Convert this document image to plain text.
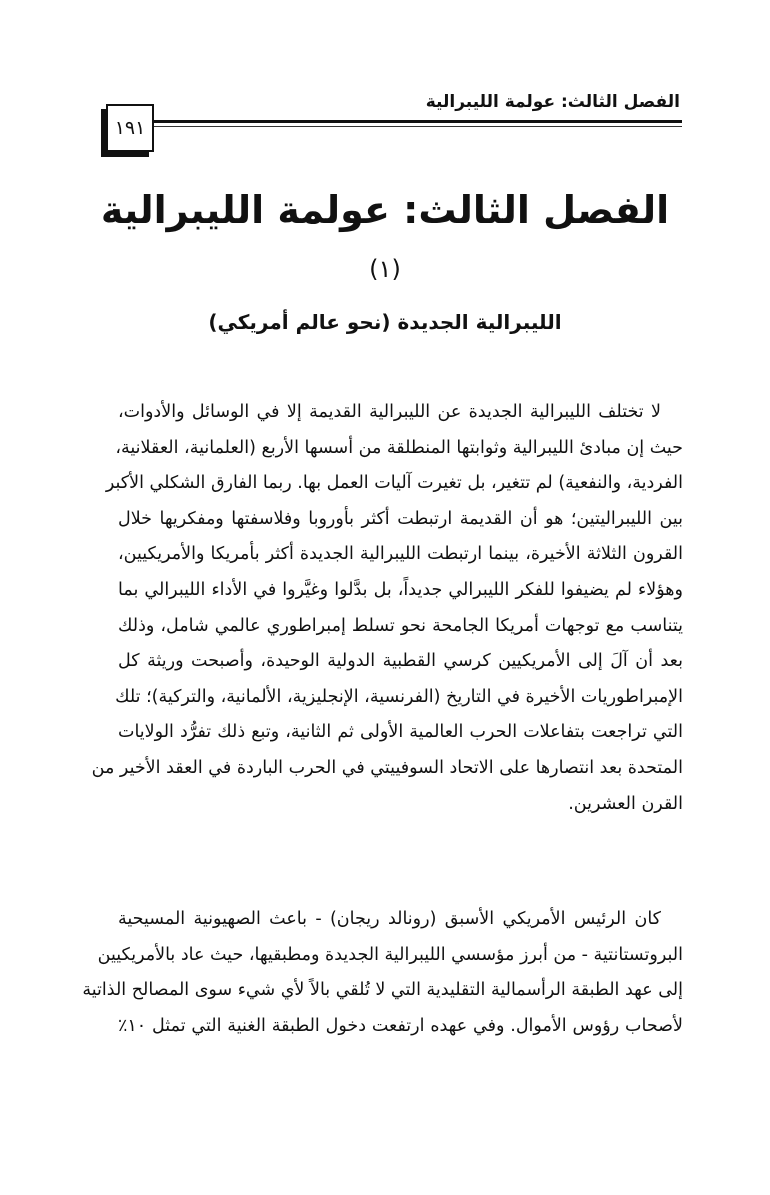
الفصل الثالث: عولمة الليبرالية
١٩١
الفصل الثالث: عولمة الليبرالية
(١)
الليبرالية الجديدة (نحو عالم أمريكي)
لا تختلف الليبرالية الجديدة عن الليبرالية القديمة إلا في الوسائل والأدوات،
حيث إن مبادئ الليبرالية وثوابتها المنطلقة من أسسها الأربع (العلمانية، العقلانية،
الفردية، والنفعية) لم تتغير، بل تغيرت آليات العمل بها. ربما الفارق الشكلي الأكبر
بين الليبراليتين؛ هو أن القديمة ارتبطت أكثر بأوروبا وفلاسفتها ومفكريها خلال
القرون الثلاثة الأخيرة، بينما ارتبطت الليبرالية الجديدة أكثر بأمريكا والأمريكيين،
وهؤلاء لم يضيفوا للفكر الليبرالي جديداً، بل بدَّلوا وغيَّروا في الأداء الليبرالي بما
يتناسب مع توجهات أمريكا الجامحة نحو تسلط إمبراطوري عالمي شامل، وذلك
بعد أن آلَ إلى الأمريكيين كرسي القطبية الدولية الوحيدة، وأصبحت وريثة كل
الإمبراطوريات الأخيرة في التاريخ (الفرنسية، الإنجليزية، الألمانية، والتركية)؛ تلك
التي تراجعت بتفاعلات الحرب العالمية الأولى ثم الثانية، وتبع ذلك تفرُّد الولايات
المتحدة بعد انتصارها على الاتحاد السوفييتي في الحرب الباردة في العقد الأخير من
القرن العشرين.
كان الرئيس الأمريكي الأسبق (رونالد ريجان) - باعث الصهيونية المسيحية
البروتستانتية - من أبرز مؤسسي الليبرالية الجديدة ومطبقيها، حيث عاد بالأمريكيين
إلى عهد الطبقة الرأسمالية التقليدية التي لا تُلقي بالاً لأي شيء سوى المصالح الذاتية
لأصحاب رؤوس الأموال. وفي عهده ارتفعت دخول الطبقة الغنية التي تمثل ١٠٪
